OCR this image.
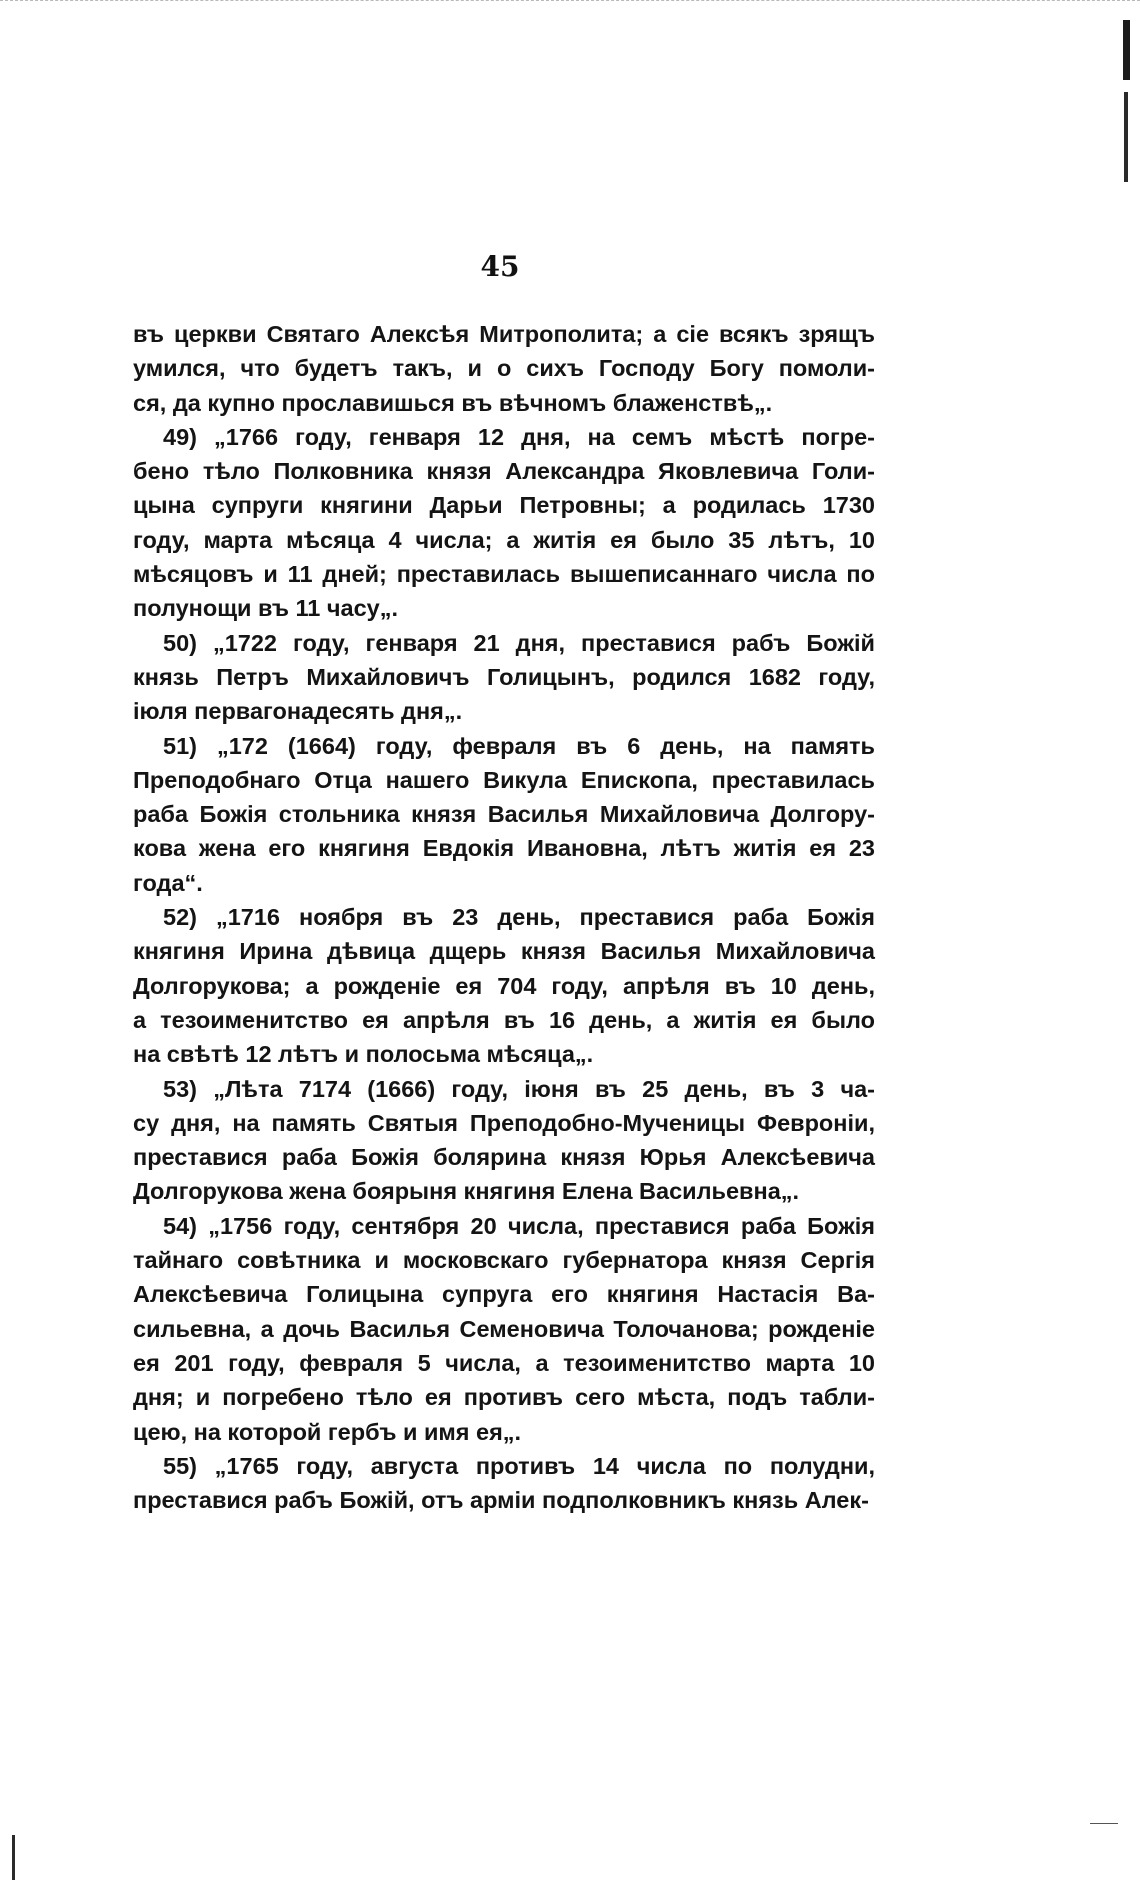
45
въ церкви Святаго Алексѣя Митрополита; а сіе всякъ зрящъ
умился, что будетъ такъ, и о сихъ Господу Богу помоли-
ся, да купно прославишься въ вѣчномъ блаженствѣ„.
49) „1766 году, генваря 12 дня, на семъ мѣстѣ погре-
бено тѣло Полковника князя Александра Яковлевича Голи-
цына супруги княгини Дарьи Петровны; а родилась 1730
году, марта мѣсяца 4 числа; а житія ея было 35 лѣтъ, 10
мѣсяцовъ и 11 дней; преставилась вышеписаннаго числа по
полунощи въ 11 часу„.
50) „1722 году, генваря 21 дня, преставися рабъ Божій
князь Петръ Михайловичъ Голицынъ, родился 1682 году,
іюля первагонадесять дня„.
51) „172 (1664) году, февраля въ 6 день, на память
Преподобнаго Отца нашего Викула Епископа, преставилась
раба Божія стольника князя Василья Михайловича Долгору-
кова жена его княгиня Евдокія Ивановна, лѣтъ житія ея 23
года“.
52) „1716 ноября въ 23 день, преставися раба Божія
княгиня Ирина дѣвица дщерь князя Василья Михайловича
Долгорукова; а рожденіе ея 704 году, апрѣля въ 10 день,
а тезоименитство ея апрѣля въ 16 день, а житія ея было
на свѣтѣ 12 лѣтъ и полосьма мѣсяца„.
53) „Лѣта 7174 (1666) году, іюня въ 25 день, въ 3 ча-
су дня, на память Святыя Преподобно-Мученицы Февроніи,
преставися раба Божія болярина князя Юрья Алексѣевича
Долгорукова жена боярыня княгиня Елена Васильевна„.
54) „1756 году, сентября 20 числа, преставися раба Божія
тайнаго совѣтника и московскаго губернатора князя Сергія
Алексѣевича Голицына супруга его княгиня Настасія Ва-
сильевна, а дочь Василья Семеновича Толочанова; рожденіе
ея 201 году, февраля 5 числа, а тезоименитство марта 10
дня; и погребено тѣло ея противъ сего мѣста, подъ табли-
цею, на которой гербъ и имя ея„.
55) „1765 году, августа противъ 14 числа по полудни,
преставися рабъ Божій, отъ арміи подполковникъ князь Алек-
